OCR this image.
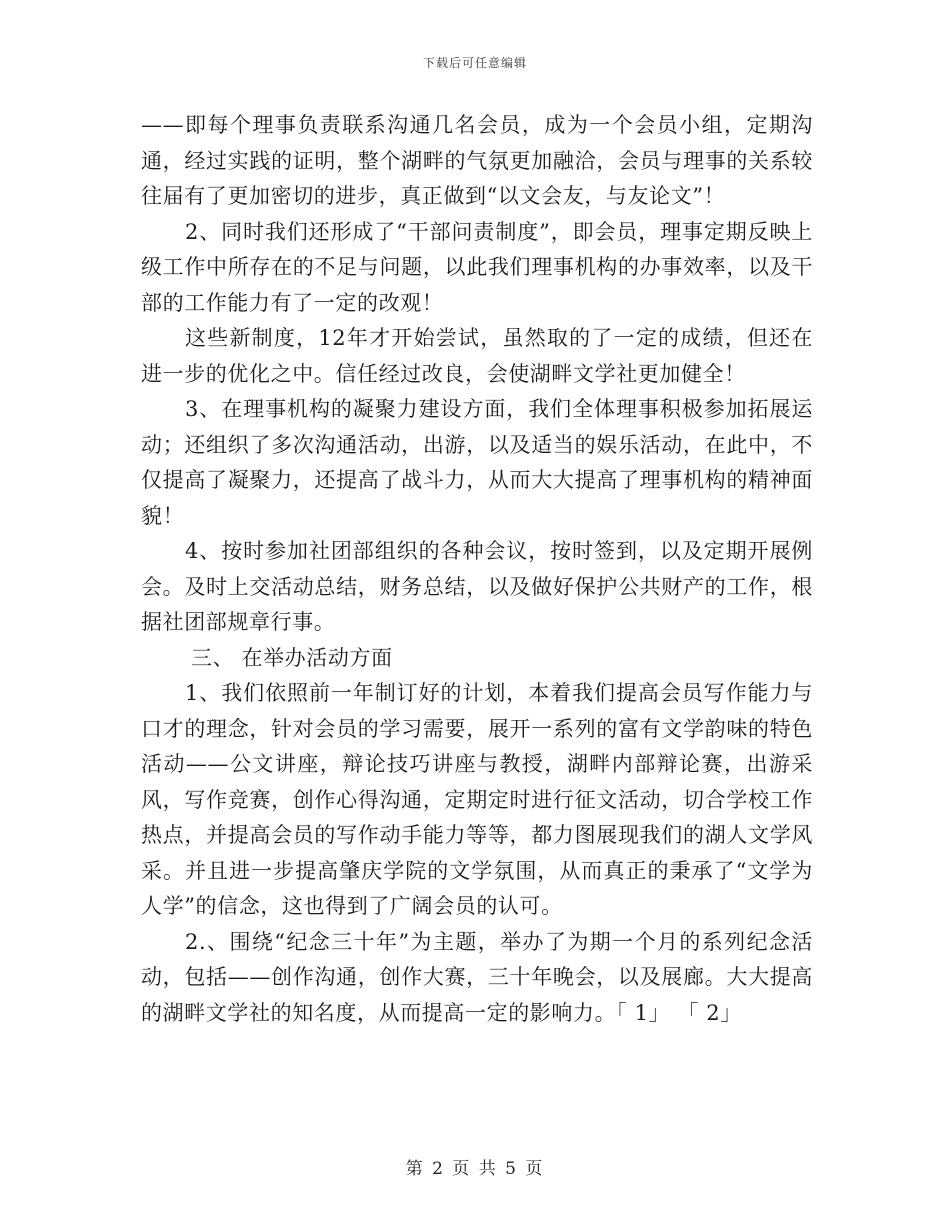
下载后可任意编辑

——即每个理事负责联系沟通几名会员，成为一个会员小组，定期沟通，经过实践的证明，整个湖畔的气氛更加融洽，会员与理事的关系较往届有了更加密切的进步，真正做到“以文会友，与友论文”！

2、同时我们还形成了“干部问责制度”，即会员，理事定期反映上级工作中所存在的不足与问题，以此我们理事机构的办事效率，以及干部的工作能力有了一定的改观！

这些新制度，12年才开始尝试，虽然取的了一定的成绩，但还在进一步的优化之中。信任经过改良，会使湖畔文学社更加健全！

3、在理事机构的凝聚力建设方面，我们全体理事积极参加拓展运动；还组织了多次沟通活动，出游，以及适当的娱乐活动，在此中，不仅提高了凝聚力，还提高了战斗力，从而大大提高了理事机构的精神面貌！

4、按时参加社团部组织的各种会议，按时签到，以及定期开展例会。及时上交活动总结，财务总结，以及做好保护公共财产的工作，根据社团部规章行事。

三、 在举办活动方面

1、我们依照前一年制订好的计划，本着我们提高会员写作能力与口才的理念，针对会员的学习需要，展开一系列的富有文学韵味的特色活动——公文讲座，辩论技巧讲座与教授，湖畔内部辩论赛，出游采风，写作竞赛，创作心得沟通，定期定时进行征文活动，切合学校工作热点，并提高会员的写作动手能力等等，都力图展现我们的湖人文学风采。并且进一步提高肇庆学院的文学氛围，从而真正的秉承了“文学为人学”的信念，这也得到了广阔会员的认可。

2.、围绕“纪念三十年”为主题，举办了为期一个月的系列纪念活动，包括——创作沟通，创作大赛，三十年晚会，以及展廊。大大提高的湖畔文学社的知名度，从而提高一定的影响力。「 1」 「 2」

第 2 页 共 5 页
